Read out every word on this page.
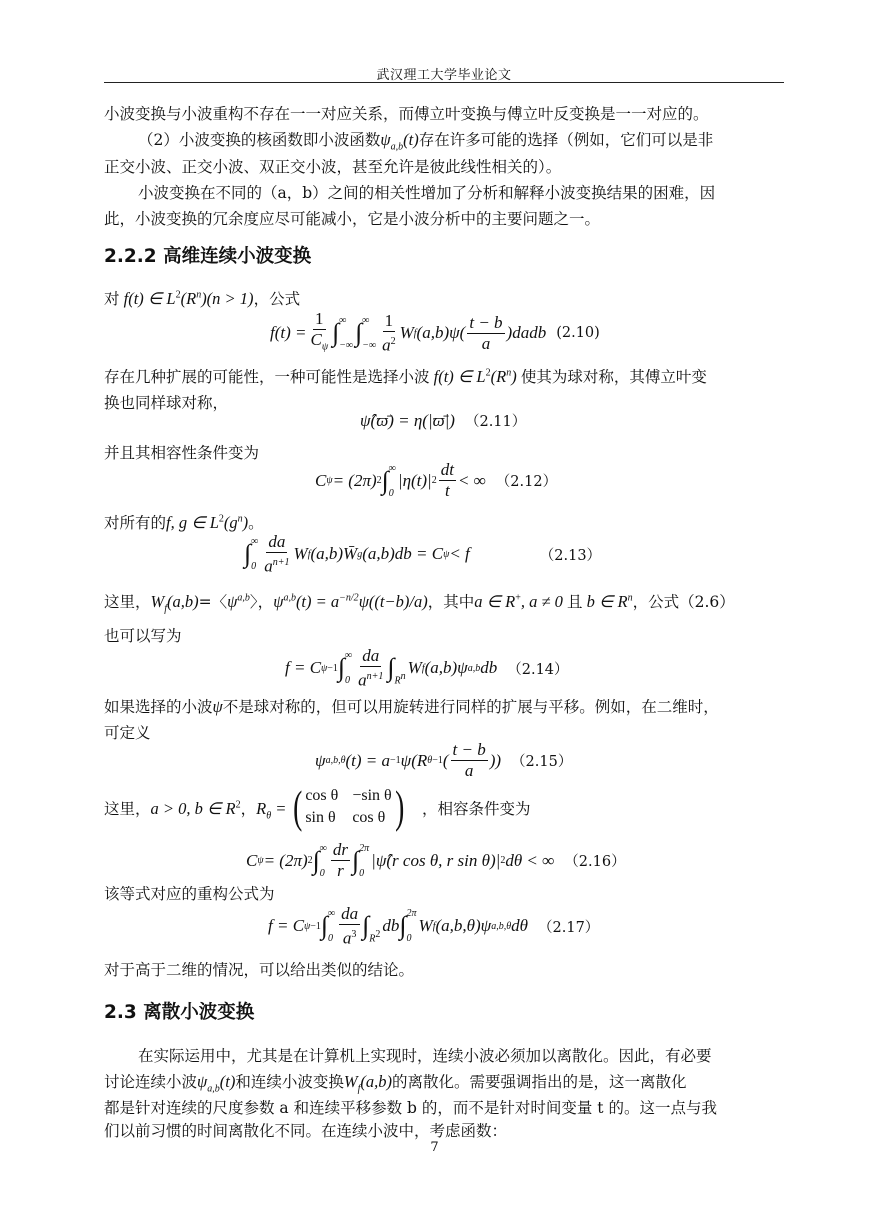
武汉理工大学毕业论文
小波变换与小波重构不存在一一对应关系，而傅立叶变换与傅立叶反变换是一一对应的。
（2）小波变换的核函数即小波函数$\psi_{a,b}(t)$存在许多可能的选择（例如，它们可以是非
正交小波、正交小波、双正交小波，甚至允许是彼此线性相关的）。
小波变换在不同的（a，b）之间的相关性增加了分析和解释小波变换结果的困难，因
此，小波变换的冗余度应尽可能减小，它是小波分析中的主要问题之一。
2.2.2 高维连续小波变换
对 f(t) ∈ $L^2(R^n)(n > 1)$，公式
$f(t) = \frac{1}{C_\psi}$ ∫ ∞
−∞ ∫ ∞
−∞ $\frac{1}{a^2}$ W f $(a,b)\psi( \frac{t - b}{a}$ )dadb (2.10)
存在几种扩展的可能性，一种可能性是选择小波 f(t) ∈ $L^2(R^n)$ 使其为球对称，其傅立叶变
换也同样球对称，
ψ̂(ϖ̄) = η(|ϖ̄|) （2.11）
并且其相容性条件变为
C ψ = (2π) 2 ∫ ∞
0
|η(t)| $2 \frac{dt}{t}$ < ∞ （2.12）
对所有的f, g ∈ $L^2(g^n)$。
∫ ∞
$0 \frac{da}{a^{n+1}}$ W f (a,b)W̄ g (a,b)db = C ψ < f	（2.13）
这里，$W_f(a,b)=$〈$\psi^{a,b}$〉，$\psi^{a,b}(t) = a^{-n/2}\psi((t-b)/a)$，其中a ∈ R+, a ≠ 0 且 b ∈ $R^n$，公式（2.6）
也可以写为
f = C ψ −1 ∫ ∞
$0 \frac{da}{a^{n+1}}$ ∫ $R^n$ W f (a,b)ψ a,b db （2.14）
如果选择的小波ψ不是球对称的，但可以用旋转进行同样的扩展与平移。例如，在二维时，
可定义
ψ a,b,θ (t) = a −1 ψ(R θ −1 ( $\frac{t - b}{a}$ )) （2.15）
这里，a > 0, b ∈ $R^2$，$R_\theta$ = ( cos θ −sin θ
sin θ cos θ ) ，相容条件变为
C ψ = (2π) 2 ∫ ∞
$0 \frac{dr}{r}$ ∫ 2π
0
|ψ̂(r cos θ, r sin θ)| 2 dθ < ∞ （2.16）
该等式对应的重构公式为
f = C ψ −1 ∫ ∞
$0 \frac{da}{a^3}$ ∫ $R^2$ db ∫ 2π
0
W f (a,b,θ)ψ a,b,θ dθ （2.17）
对于高于二维的情况，可以给出类似的结论。
2.3 离散小波变换
在实际运用中，尤其是在计算机上实现时，连续小波必须加以离散化。因此，有必要
讨论连续小波$\psi_{a,b}(t)$和连续小波变换$W_f(a,b)$的离散化。需要强调指出的是，这一离散化
都是针对连续的尺度参数 a 和连续平移参数 b 的，而不是针对时间变量 t 的。这一点与我
们以前习惯的时间离散化不同。在连续小波中，考虑函数：
7
